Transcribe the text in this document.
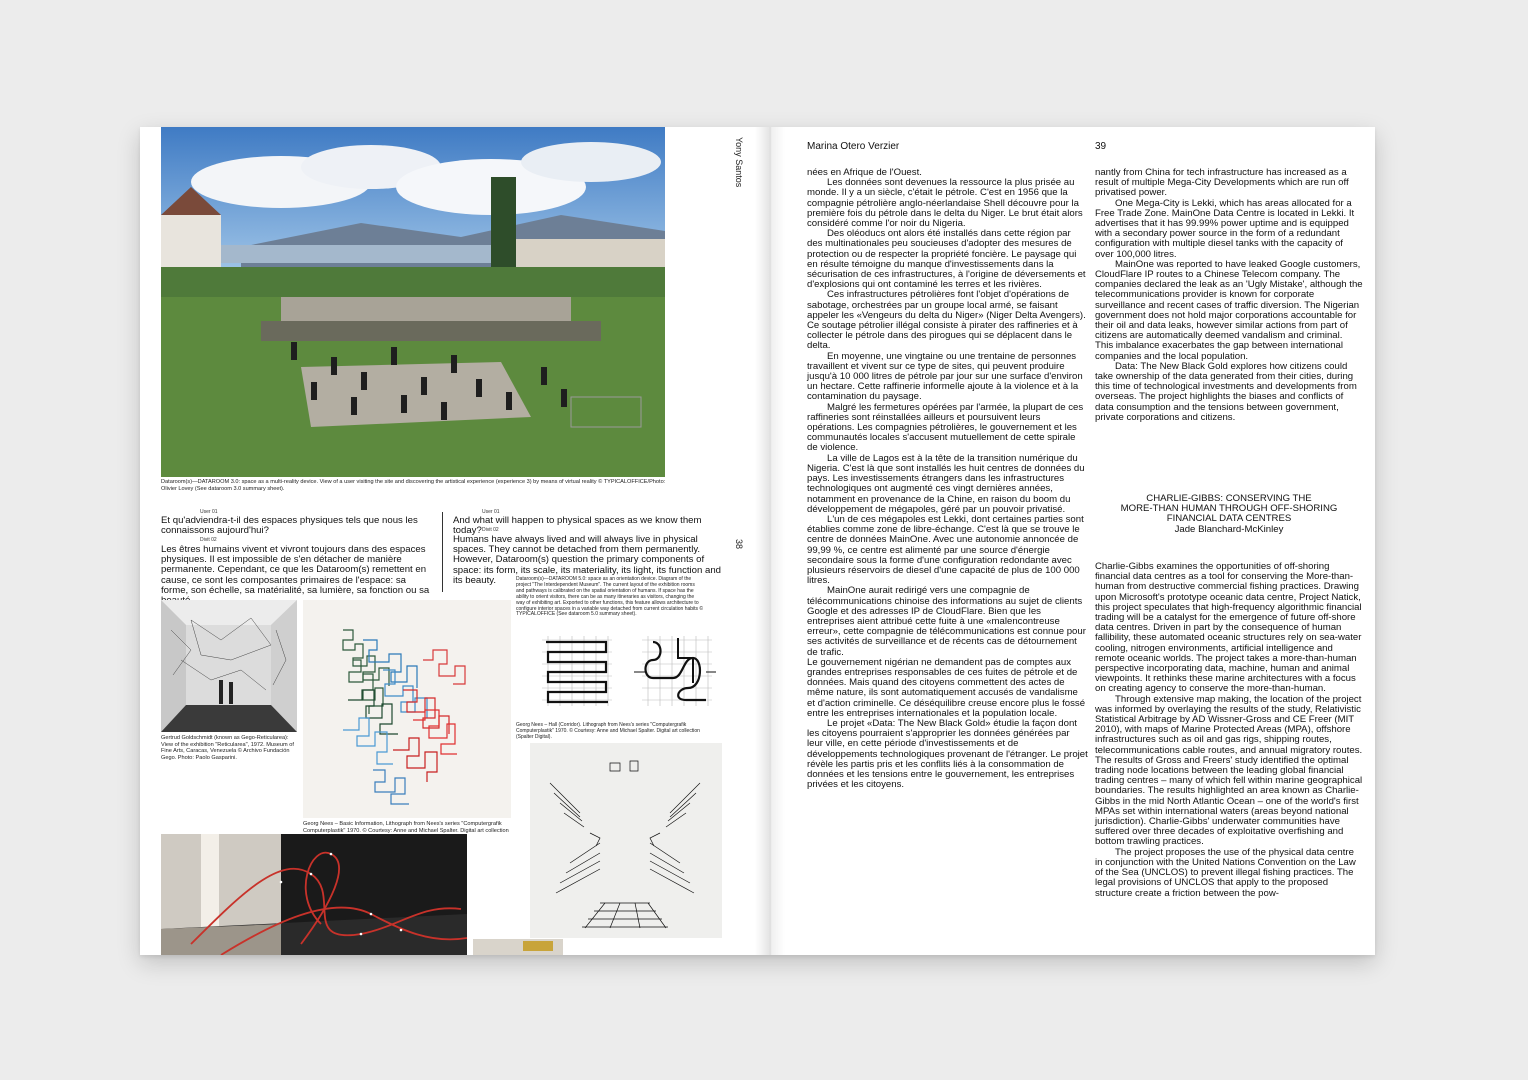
Dataroom(s)—DATAROOM 3.0: space as a multi-reality device. View of a user visiting the site and discovering the artistical experience (experience 3) by means of virtual reality © TYPICALOFFICE/Photo: Olivier Lovey (See dataroom 3.0 summary sheet).
Yony Santos
38
User 01
Et qu'adviendra-t-il des espaces physiques tels que nous les connaissons aujourd'hui?
Divit 02
Les êtres humains vivent et vivront toujours dans des espaces physiques. Il est impossible de s'en détacher de manière permanente. Cependant, ce que les Dataroom(s) remettent en cause, ce sont les composantes primaires de l'espace: sa forme, son échelle, sa matérialité, sa lumière, sa fonction ou sa
User 01
And what will happen to physical spaces as we know them today? Divit 02
Humans have always lived and will always live in physical spaces. They cannot be detached from them permanently. However, Dataroom(s) question the primary components of space: its form, its scale, its materiality, its light, its function and its beauty.
Gertrud Goldschmidt (known as Gego-Reticularea): View of the exhibition "Reticularea", 1972. Museum of Fine Arts, Caracas, Venezuela © Archivo Fundación Gego. Photo: Paolo Gasparini.
Georg Nees – Basic Information, Lithograph from Nees's series "Computergrafik Computerplastik" 1970. © Courtesy: Anne and Michael Spalter. Digital art collection
Dataroom(s)—DATAROOM 5.0: space as an orientation device. Diagram of the project "The Interdependent Museum". The current layout of the exhibition rooms and pathways is calibrated on the spatial orientation of humans. If space has the ability to orient visitors, there can be as many itineraries as visitors, changing the way of exhibiting art. Exported to other functions, this feature allows architecture to configure interior spaces in a variable way detached from current circulation habits © TYPICALOFFICE (See dataroom 5.0 summary sheet).
Georg Nees – Hall (Corridor). Lithograph from Nees's series "Computergrafik Computerplastik" 1970. © Courtesy: Anne and Michael Spalter. Digital art collection (Spalter Digital).
Marina Otero Verzier	39

nées en Afrique de l'Ouest.

Les données sont devenues la ressource la plus prisée au monde. Il y a un siècle, c'était le pétrole. C'est en 1956 que la compagnie pétrolière anglo-néerlandaise Shell découvre pour la première fois du pétrole dans le delta du Niger. Le brut était alors considéré comme l'or noir du Nigeria.

Des oléoducs ont alors été installés dans cette région par des multinationales peu soucieuses d'adopter des mesures de protection ou de respecter la propriété foncière. Le paysage qui en résulte témoigne du manque d'investissements dans la sécurisation de ces infrastructures, à l'origine de déversements et d'explosions qui ont contaminé les terres et les rivières.

Ces infrastructures pétrolières font l'objet d'opérations de sabotage, orchestrées par un groupe local armé, se faisant appeler les «Vengeurs du delta du Niger» (Niger Delta Avengers). Ce soutage pétrolier illégal consiste à pirater des raffineries et à collecter le pétrole dans des pirogues qui se déplacent dans le delta.

En moyenne, une vingtaine ou une trentaine de personnes travaillent et vivent sur ce type de sites, qui peuvent produire jusqu'à 10 000 litres de pétrole par jour sur une surface d'environ un hectare. Cette raffinerie informelle ajoute à la violence et à la contamination du paysage.

Malgré les fermetures opérées par l'armée, la plupart de ces raffineries sont réinstallées ailleurs et poursuivent leurs opérations. Les compagnies pétrolières, le gouvernement et les communautés locales s'accusent mutuellement de cette spirale de violence.

La ville de Lagos est à la tête de la transition numérique du Nigeria. C'est là que sont installés les huit centres de données du pays. Les investissements étrangers dans les infrastructures technologiques ont augmenté ces vingt dernières années, notamment en provenance de la Chine, en raison du boom du développement de mégapoles, géré par un pouvoir privatisé.

L'un de ces mégapoles est Lekki, dont certaines parties sont établies comme zone de libre-échange. C'est là que se trouve le centre de données MainOne. Avec une autonomie annoncée de 99,99 %, ce centre est alimenté par une source d'énergie secondaire sous la forme d'une configuration redondante avec plusieurs réservoirs de diesel d'une capacité de plus de 100 000 litres.

MainOne aurait redirigé vers une compagnie de télécommunications chinoise des informations au sujet de clients Google et des adresses IP de CloudFlare. Bien que les entreprises aient attribué cette fuite à une «malencontreuse erreur», cette compagnie de télécommunications est connue pour ses activités de surveillance et de récents cas de détournement de trafic.

Le gouvernement nigérian ne demandent pas de comptes aux grandes entreprises responsables de ces fuites de pétrole et de données. Mais quand des citoyens commettent des actes de même nature, ils sont automatiquement accusés de vandalisme et d'action criminelle. Ce déséquilibre creuse encore plus le fossé entre les entreprises internationales et la population locale.

Le projet «Data: The New Black Gold» étudie la façon dont les citoyens pourraient s'approprier les données générées par leur ville, en cette période d'investissements et de développements technologiques provenant de l'étranger. Le projet révèle les partis pris et les conflits liés à la consommation de données et les tensions entre le gouvernement, les entreprises privées et les citoyens.

nantly from China for tech infrastructure has increased as a result of multiple Mega-City Developments which are run off privatised power.

One Mega-City is Lekki, which has areas allocated for a Free Trade Zone. MainOne Data Centre is located in Lekki. It advertises that it has 99.99% power uptime and is equipped with a secondary power source in the form of a redundant configuration with multiple diesel tanks with the capacity of over 100,000 litres.

MainOne was reported to have leaked Google customers, CloudFlare IP routes to a Chinese Telecom company. The companies declared the leak as an 'Ugly Mistake', although the telecommunications provider is known for corporate surveillance and recent cases of traffic diversion. The Nigerian government does not hold major corporations accountable for their oil and data leaks, however similar actions from part of citizens are automatically deemed vandalism and criminal. This imbalance exacerbates the gap between international companies and the local population.

Data: The New Black Gold explores how citizens could take ownership of the data generated from their cities, during this time of technological investments and developments from overseas. The project highlights the biases and conflicts of data consumption and the tensions between government, private corporations and citizens.

CHARLIE-GIBBS: CONSERVING THE
MORE-THAN HUMAN THROUGH OFF-SHORING
FINANCIAL DATA CENTRES
Jade Blanchard-McKinley

Charlie-Gibbs examines the opportunities of off-shoring financial data centres as a tool for conserving the More-than-human from destructive commercial fishing practices. Drawing upon Microsoft's prototype oceanic data centre, Project Natick, this project speculates that high-frequency algorithmic financial trading will be a catalyst for the emergence of future off-shore data centres. Driven in part by the consequence of human fallibility, these automated oceanic structures rely on sea-water cooling, nitrogen environments, artificial intelligence and remote oceanic worlds. The project takes a more-than-human perspective incorporating data, machine, human and animal viewpoints. It rethinks these marine architectures with a focus on creating agency to conserve the more-than-human.

Through extensive map making, the location of the project was informed by overlaying the results of the study, Relativistic Statistical Arbitrage by AD Wissner-Gross and CE Freer (MIT 2010), with maps of Marine Protected Areas (MPA), offshore infrastructures such as oil and gas rigs, shipping routes, telecommunications cable routes, and annual migratory routes. The results of Gross and Freers' study identified the optimal trading node locations between the leading global financial trading centres – many of which fell within marine geographical boundaries. The results highlighted an area known as Charlie-Gibbs in the mid North Atlantic Ocean – one of the world's first MPAs set within international waters (areas beyond national jurisdiction). Charlie-Gibbs' underwater communities have suffered over three decades of exploitative overfishing and bottom trawling practices.

The project proposes the use of the physical data centre in conjunction with the United Nations Convention on the Law of the Sea (UNCLOS) to prevent illegal fishing practices. The legal provisions of UNCLOS that apply to the proposed structure create a friction between the pow-
